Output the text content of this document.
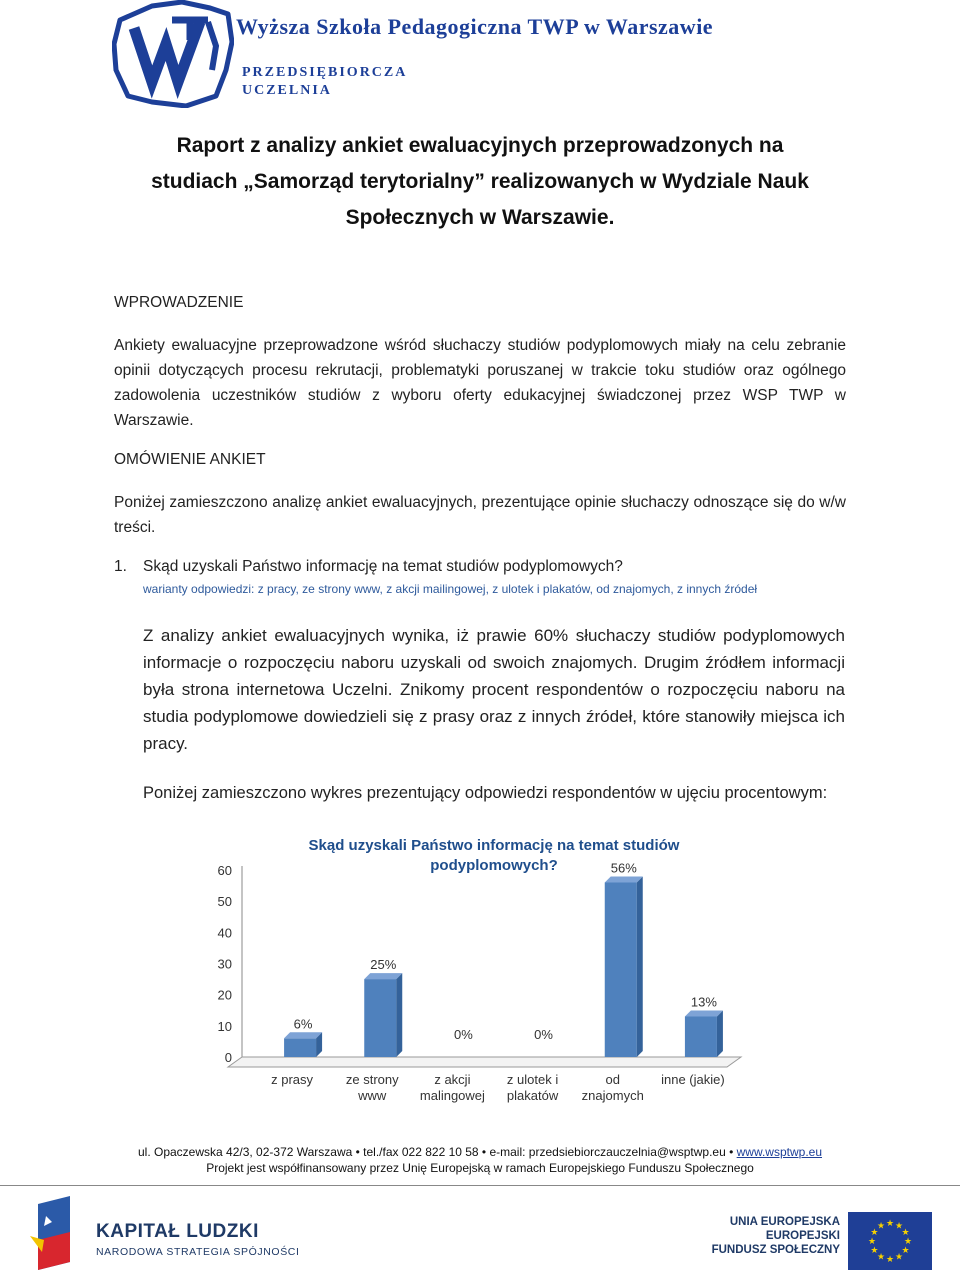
Wyższa Szkoła Pedagogiczna TWP w Warszawie
PRZEDSIĘBIORCZA
UCZELNIA
Raport z analizy ankiet ewaluacyjnych przeprowadzonych na
studiach „Samorząd terytorialny” realizowanych w Wydziale Nauk
Społecznych w Warszawie.
WPROWADZENIE
Ankiety ewaluacyjne przeprowadzone wśród słuchaczy studiów podyplomowych miały na celu zebranie opinii dotyczących procesu rekrutacji, problematyki poruszanej w trakcie toku studiów oraz ogólnego zadowolenia uczestników studiów z wyboru oferty edukacyjnej świadczonej przez WSP TWP w Warszawie.
OMÓWIENIE ANKIET
Poniżej zamieszczono analizę ankiet ewaluacyjnych, prezentujące opinie słuchaczy odnoszące się do w/w treści.
1. Skąd uzyskali Państwo informację na temat studiów podyplomowych?
warianty odpowiedzi: z pracy, ze strony www, z akcji mailingowej, z ulotek i plakatów, od znajomych, z innych źródeł
Z analizy ankiet ewaluacyjnych wynika, iż prawie 60% słuchaczy studiów podyplomowych informacje o rozpoczęciu naboru uzyskali od swoich znajomych. Drugim źródłem informacji była strona internetowa Uczelni. Znikomy procent respondentów o rozpoczęciu naboru na studia podyplomowe dowiedzieli się z prasy oraz z innych źródeł, które stanowiły miejsca ich pracy.
Poniżej zamieszczono wykres prezentujący odpowiedzi respondentów w ujęciu procentowym:
Skąd uzyskali Państwo informację na temat studiów
podyplomowych?
0
10
20
30
40
50
60
6%
25%
0%	0%
56%
13%
z prasy	ze strony
www
z akcji
malingowej
z ulotek i
plakatów
od
znajomych
inne (jakie)
ul. Opaczewska 42/3, 02-372 Warszawa • tel./fax 022 822 10 58 • e-mail: przedsiebiorczauczelnia@wsptwp.eu • www.wsptwp.eu
Projekt jest współfinansowany przez Unię Europejską w ramach Europejskiego Funduszu Społecznego
KAPITAŁ LUDZKI
NARODOWA STRATEGIA SPÓJNOŚCI
UNIA EUROPEJSKA
EUROPEJSKI
FUNDUSZ SPOŁECZNY
★
★
★
★
★
★
★
★
★ ★ ★
★
